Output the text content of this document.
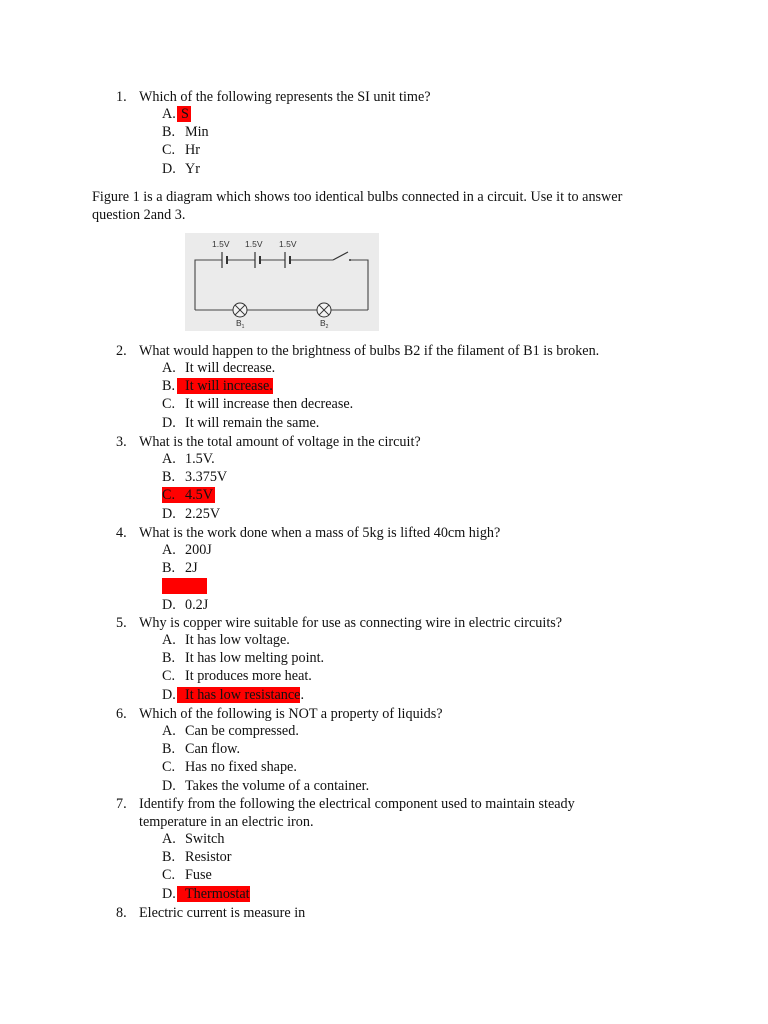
1. Which of the following represents the SI unit time?
A. S
B. Min
C. Hr
D. Yr
Figure 1 is a diagram which shows too identical bulbs connected in a circuit. Use it to answer
question 2and 3.
1.5V 1.5V 1.5V
$B_1$	$B_2$
2. What would happen to the brightness of bulbs B2 if the filament of B1 is broken.
A. It will decrease.
B. It will increase.
C. It will increase then decrease.
D. It will remain the same.
3. What is the total amount of voltage in the circuit?
A. 1.5V.
B. 3.375V
C. 4.5V
D. 2.25V
4. What is the work done when a mass of 5kg is lifted 40cm high?
A. 200J
B. 2J
C. 20J
D. 0.2J
5. Why is copper wire suitable for use as connecting wire in electric circuits?
A. It has low voltage.
B. It has low melting point.
C. It produces more heat.
D. It has low resistance.
6. Which of the following is NOT a property of liquids?
A. Can be compressed.
B. Can flow.
C. Has no fixed shape.
D. Takes the volume of a container.
7. Identify from the following the electrical component used to maintain steady
temperature in an electric iron.
A. Switch
B. Resistor
C. Fuse
D. Thermostat
8. Electric current is measure in
